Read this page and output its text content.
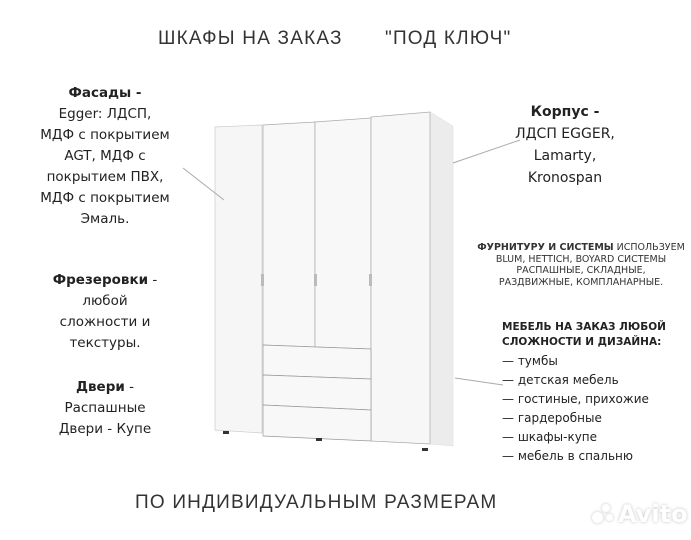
ШКАФЫ НА ЗАКАЗ "ПОД КЛЮЧ"
Фасады -
Egger: ЛДСП,
МДФ с покрытием
AGT, МДФ с
покрытием ПВХ,
МДФ с покрытием
Эмаль.
Фрезеровки -
любой
сложности и
текстуры.
Двери -
Распашные
Двери - Купе
Корпус -
ЛДСП EGGER,
Lamarty,
Kronospan
ФУРНИТУРУ И СИСТЕМЫ ИСПОЛЬЗУЕМ
BLUM, HETTICH, BOYARD СИСТЕМЫ
РАСПАШНЫЕ, СКЛАДНЫЕ,
РАЗДВИЖНЫЕ, КОМПЛАНАРНЫЕ.
МЕБЕЛЬ НА ЗАКАЗ ЛЮБОЙ
СЛОЖНОСТИ И ДИЗАЙНА:
— тумбы
— детская мебель
— гостиные, прихожие
— гардеробные
— шкафы-купе
— мебель в спальню
ПО ИНДИВИДУАЛЬНЫМ РАЗМЕРАМ	Avito
